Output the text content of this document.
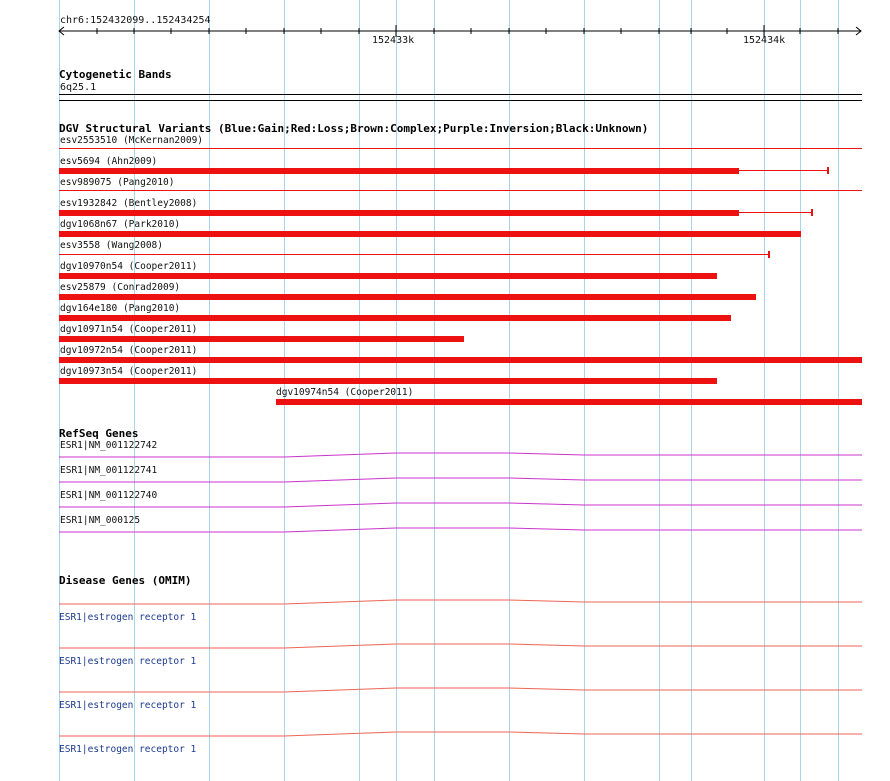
chr6:152432099..152434254
152433k	152434k
Cytogenetic Bands
6q25.1
DGV Structural Variants (Blue:Gain;Red:Loss;Brown:Complex;Purple:Inversion;Black:Unknown)
esv2553510 (McKernan2009)
esv5694 (Ahn2009)
esv989075 (Pang2010)
esv1932842 (Bentley2008)
dgv1068n67 (Park2010)
esv3558 (Wang2008)
dgv10970n54 (Cooper2011)
esv25879 (Conrad2009)
dgv164e180 (Pang2010)
dgv10971n54 (Cooper2011)
dgv10972n54 (Cooper2011)
dgv10973n54 (Cooper2011)
dgv10974n54 (Cooper2011)
RefSeq Genes
ESR1|NM_001122742
ESR1|NM_001122741
ESR1|NM_001122740
ESR1|NM_000125
Disease Genes (OMIM)
ESR1|estrogen receptor 1
ESR1|estrogen receptor 1
ESR1|estrogen receptor 1
ESR1|estrogen receptor 1
